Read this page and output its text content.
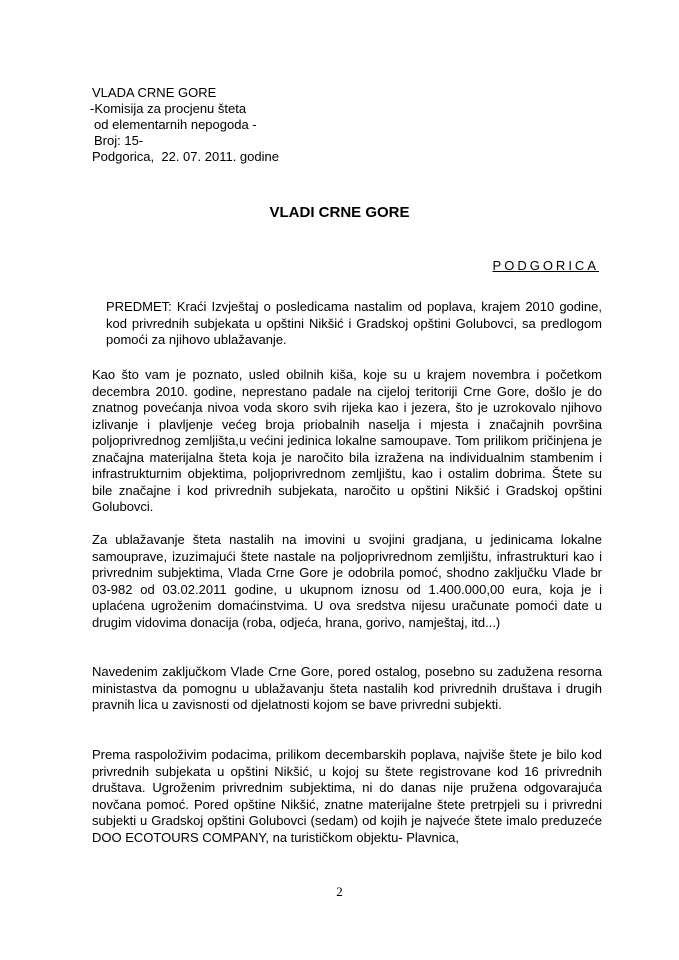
VLADA CRNE GORE
-Komisija za procjenu šteta
od elementarnih nepogoda -
Broj: 15-
Podgorica,  22. 07. 2011. godine
VLADI CRNE GORE
PODGORICA
PREDMET: Kraći Izvještaj o posledicama nastalim od poplava, krajem 2010 godine, kod privrednih subjekata u opštini Nikšić i Gradskoj opštini Golubovci, sa predlogom pomoći za njihovo ublažavanje.

Kao što vam je poznato, usled obilnih kiša, koje su u krajem novembra i početkom decembra 2010. godine, neprestano padale na cijeloj teritoriji Crne Gore, došlo je do znatnog povećanja nivoa voda skoro svih rijeka kao i jezera, što je uzrokovalo njihovo izlivanje i plavljenje većeg broja priobalnih naselja i mjesta i značajnih površina poljoprivrednog zemljišta,u većini jedinica lokalne samoupave. Tom prilikom pričinjena je značajna materijalna šteta koja je naročito bila izražena na individualnim stambenim i infrastrukturnim objektima, poljoprivrednom zemljištu, kao i ostalim dobrima. Štete su bile značajne i kod privrednih subjekata, naročito u opštini Nikšić i Gradskoj opštini Golubovci.

Za ublažavanje šteta nastalih na imovini u svojini gradjana, u jedinicama lokalne samouprave, izuzimajući štete nastale na poljoprivrednom zemljištu, infrastrukturi kao i privrednim subjektima, Vlada Crne Gore je odobrila pomoć, shodno zaključku Vlade br 03-982 od 03.02.2011 godine, u ukupnom iznosu od 1.400.000,00 eura, koja je i uplaćena ugroženim domaćinstvima. U ova sredstva nijesu uračunate pomoći date u drugim vidovima donacija (roba, odjeća, hrana, gorivo, namještaj, itd...)

Navedenim zaključkom Vlade Crne Gore, pored ostalog, posebno su zadužena resorna ministastva da pomognu u ublažavanju šteta nastalih kod privrednih društava i drugih pravnih lica u zavisnosti od djelatnosti kojom se bave privredni subjekti.

Prema raspoloživim podacima, prilikom decembarskih poplava, najviše štete je bilo kod privrednih subjekata u opštini Nikšić, u kojoj su štete registrovane kod 16 privrednih društava. Ugroženim privrednim subjektima, ni do danas nije pružena odgovarajuća novčana pomoć. Pored opštine Nikšić, znatne materijalne štete pretrpjeli su i privredni subjekti u Gradskoj opštini Golubovci (sedam) od kojih je najveće štete imalo preduzeće DOO ECOTOURS COMPANY, na turističkom objektu- Plavnica,

2
